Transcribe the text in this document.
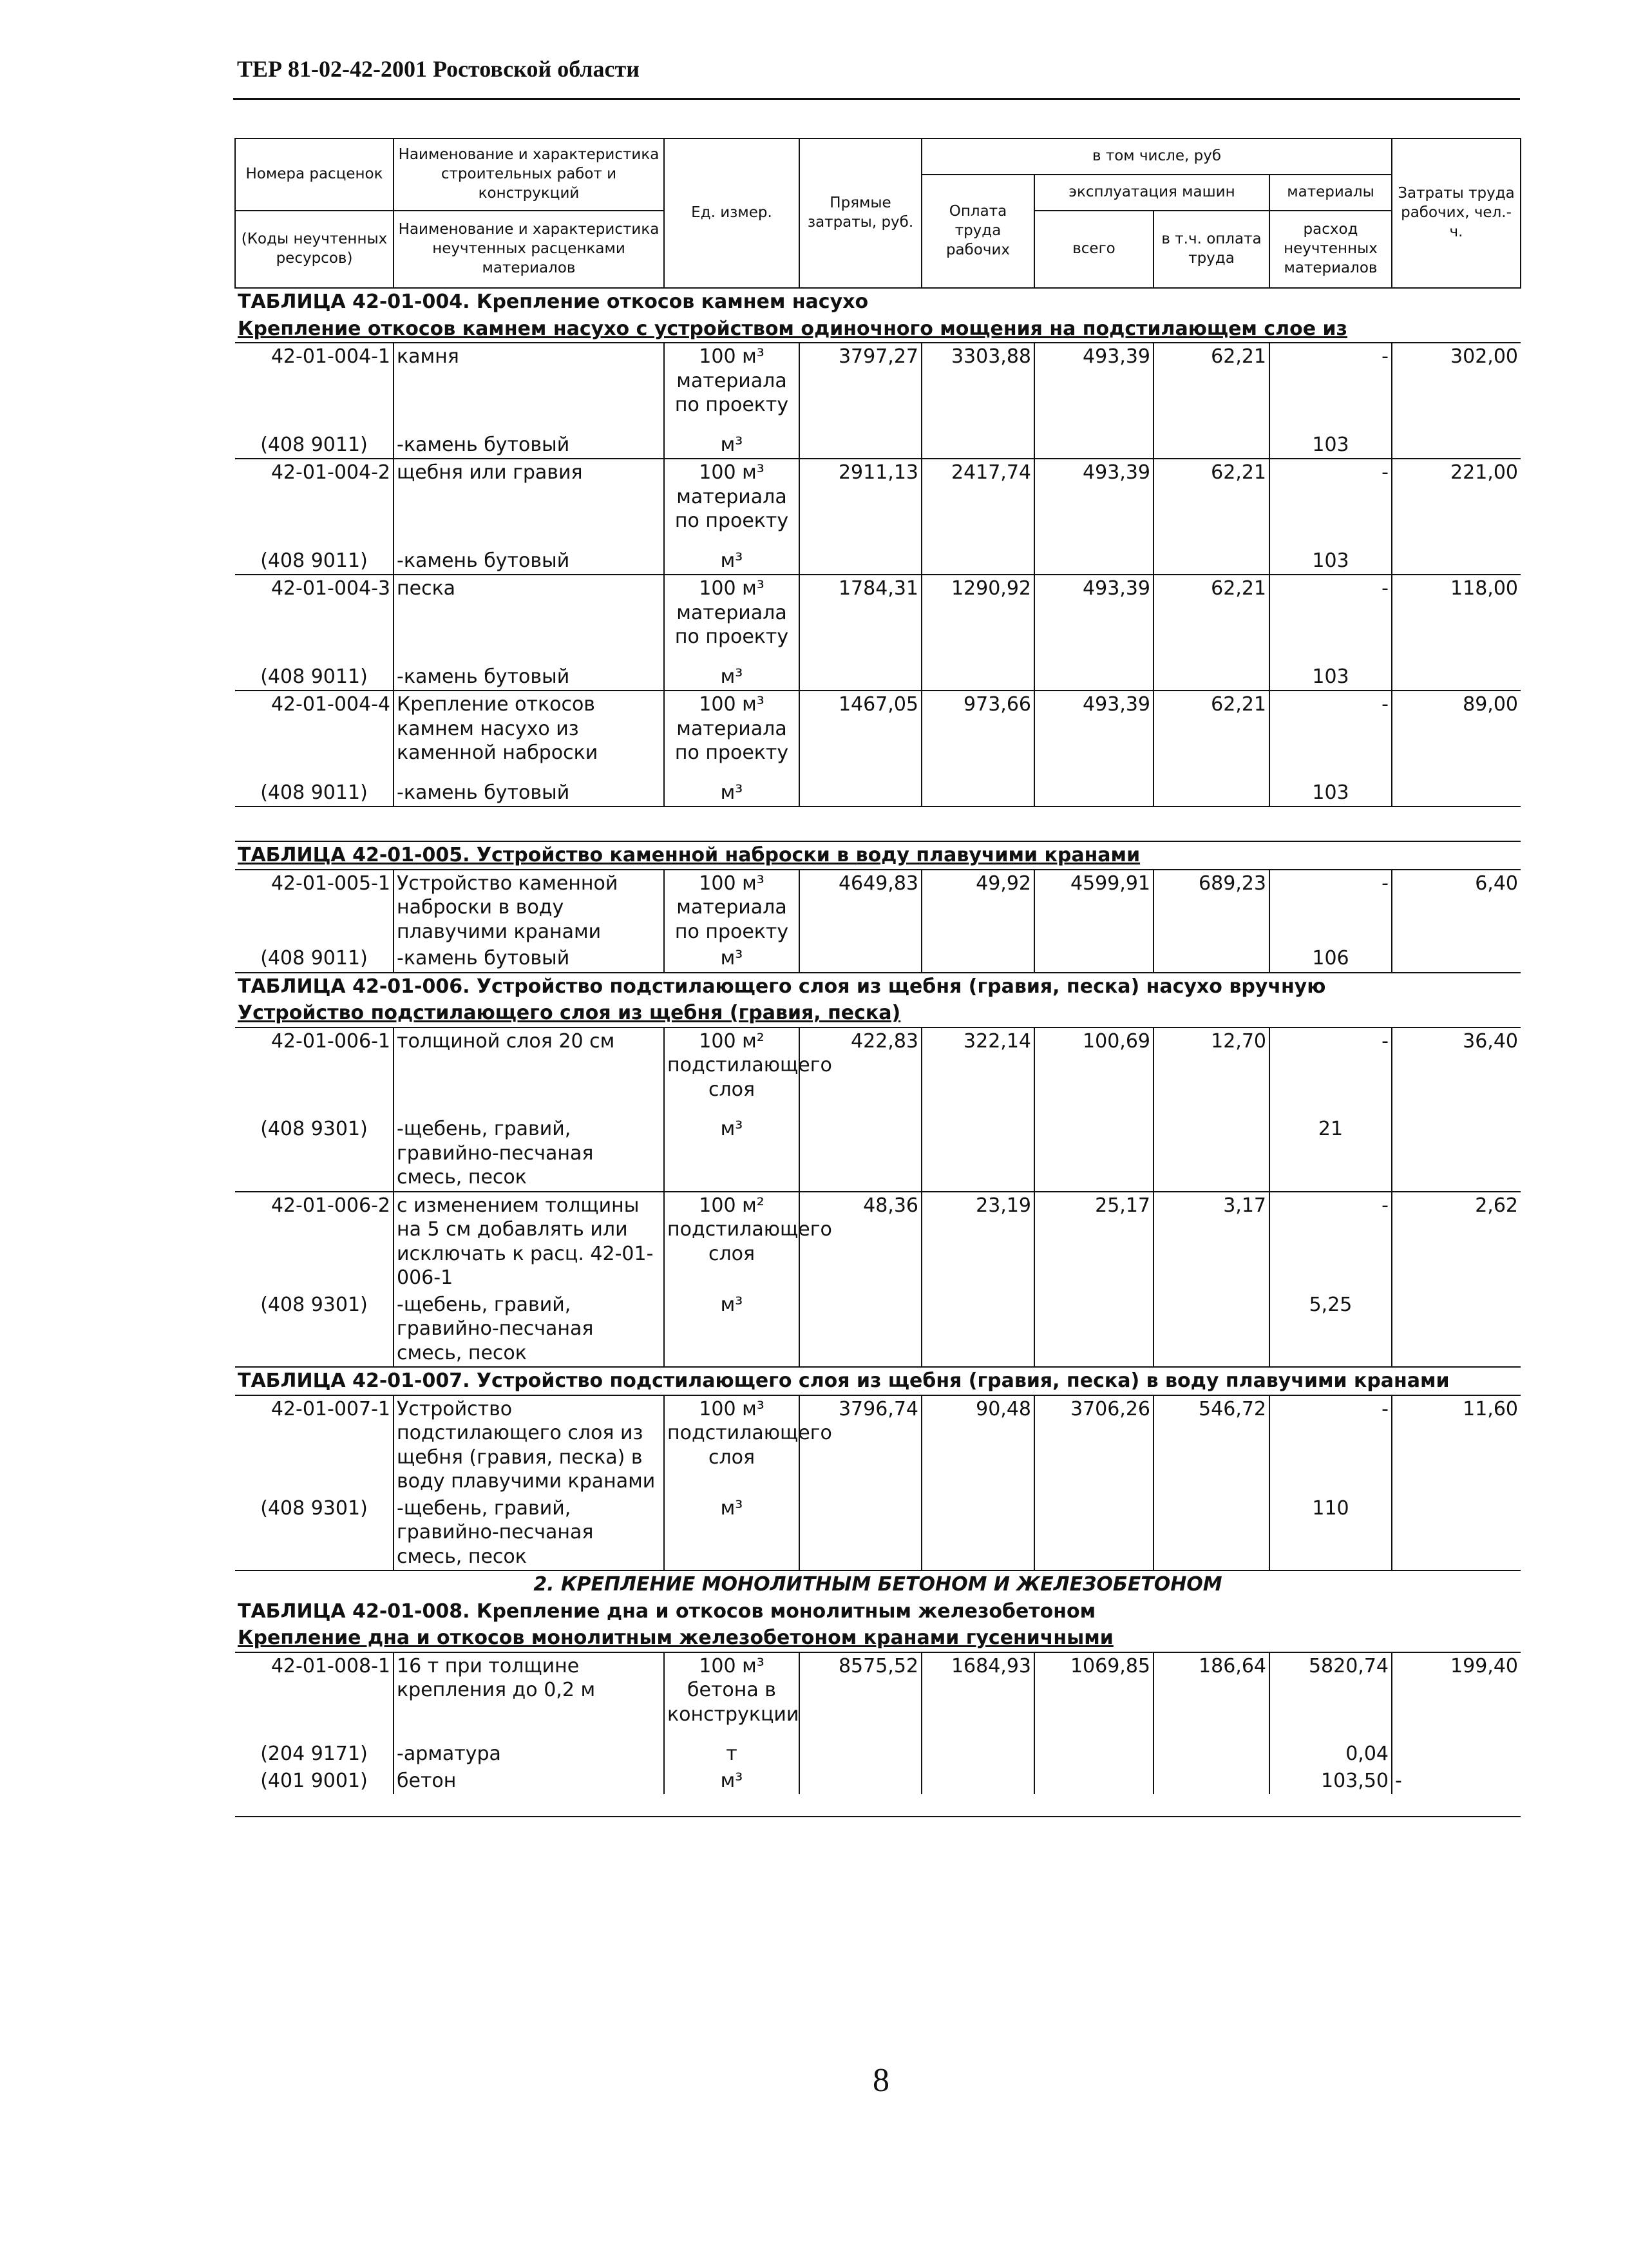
ТЕР 81-02-42-2001 Ростовской области
Номера расценок	Наименование и характеристика строительных работ и конструкций	Ед. измер.	Прямые затраты, руб.	в том числе, руб				Затраты труда рабочих, чел.-ч.
				Оплата труда рабочих	эксплуатация машин		материалы	
(Коды неучтенных ресурсов)	Наименование и характеристика неучтенных расценками материалов				всего	в т.ч. оплата труда	расход неучтенных материалов	

ТАБЛИЦА 42-01-004. Крепление откосов камнем насухо								
Крепление откосов камнем насухо с устройством одиночного мощения на подстилающем слое из								
42-01-004-1	камня	100 м³ материала по проекту	3797,27	3303,88	493,39	62,21	-	302,00
(408 9011)	-камень бутовый	м³					103	
42-01-004-2	щебня или гравия	100 м³ материала по проекту	2911,13	2417,74	493,39	62,21	-	221,00
(408 9011)	-камень бутовый	м³					103	
42-01-004-3	песка	100 м³ материала по проекту	1784,31	1290,92	493,39	62,21	-	118,00
(408 9011)	-камень бутовый	м³					103	
42-01-004-4	Крепление откосов камнем насухо из каменной наброски	100 м³ материала по проекту	1467,05	973,66	493,39	62,21	-	89,00
(408 9011)	-камень бутовый	м³					103	

ТАБЛИЦА 42-01-005. Устройство каменной наброски в воду плавучими кранами								
42-01-005-1	Устройство каменной наброски в воду плавучими кранами	100 м³ материала по проекту	4649,83	49,92	4599,91	689,23	-	6,40
(408 9011)	-камень бутовый	м³					106	
ТАБЛИЦА 42-01-006. Устройство подстилающего слоя из щебня (гравия, песка) насухо вручную								
Устройство подстилающего слоя из щебня (гравия, песка)								
42-01-006-1	толщиной слоя 20 см	100 м² подстилающего слоя	422,83	322,14	100,69	12,70	-	36,40
(408 9301)	-щебень, гравий, гравийно-песчаная смесь, песок	м³					21	
42-01-006-2	с изменением толщины на 5 см добавлять или исключать к расц. 42-01-006-1	100 м² подстилающего слоя	48,36	23,19	25,17	3,17	-	2,62
(408 9301)	-щебень, гравий, гравийно-песчаная смесь, песок	м³					5,25	
ТАБЛИЦА 42-01-007. Устройство подстилающего слоя из щебня (гравия, песка) в воду плавучими кранами								
42-01-007-1	Устройство подстилающего слоя из щебня (гравия, песка) в воду плавучими кранами	100 м³ подстилающего слоя	3796,74	90,48	3706,26	546,72	-	11,60
(408 9301)	-щебень, гравий, гравийно-песчаная смесь, песок	м³					110	
2. КРЕПЛЕНИЕ МОНОЛИТНЫМ БЕТОНОМ И ЖЕЛЕЗОБЕТОНОМ								
ТАБЛИЦА 42-01-008. Крепление дна и откосов монолитным железобетоном								
Крепление дна и откосов монолитным железобетоном кранами гусеничными								
42-01-008-1	16 т при толщине крепления до 0,2 м	100 м³ бетона в конструкции	8575,52	1684,93	1069,85	186,64	5820,74	199,40
(204 9171)	-арматура	т					0,04	
(401 9001)	бетон	м³					103,50	-

8
